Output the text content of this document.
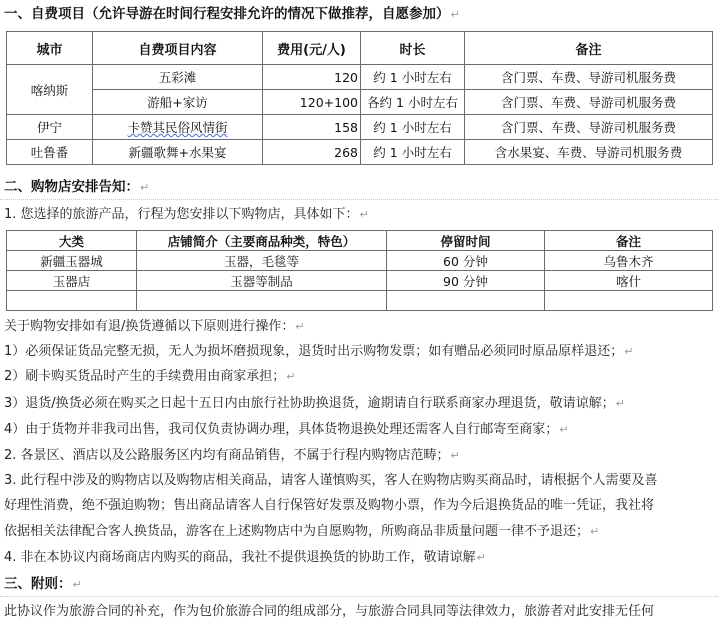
一、自费项目（允许导游在时间行程安排允许的情况下做推荐，自愿参加）↵
城市	自费项目内容	费用(元/人)	时长	备注
喀纳斯	五彩滩	120	约 1 小时左右	含门票、车费、导游司机服务费
	游船+家访	120+100	各约 1 小时左右	含门票、车费、导游司机服务费
伊宁	卡赞其民俗风情街	158	约 1 小时左右	含门票、车费、导游司机服务费
吐鲁番	新疆歌舞+水果宴	268	约 1 小时左右	含水果宴、车费、导游司机服务费
二、购物店安排告知：↵
1. 您选择的旅游产品，行程为您安排以下购物店，具体如下：↵
大类	店铺简介（主要商品种类，特色）	停留时间	备注
新疆玉器城	玉器，毛毯等	60 分钟	乌鲁木齐
玉器店	玉器等制品	90 分钟	喀什

关于购物安排如有退/换货遵循以下原则进行操作：↵
1）必须保证货品完整无损，无人为损坏磨损现象，退货时出示购物发票；如有赠品必须同时原品原样退还；↵
2）刷卡购买货品时产生的手续费用由商家承担；↵
3）退货/换货必须在购买之日起十五日内由旅行社协助换退货，逾期请自行联系商家办理退货，敬请谅解；↵
4）由于货物并非我司出售，我司仅负责协调办理，具体货物退换处理还需客人自行邮寄至商家；↵
2. 各景区、酒店以及公路服务区内均有商品销售，不属于行程内购物店范畴；↵
3. 此行程中涉及的购物店以及购物店相关商品，请客人谨慎购买，客人在购物店购买商品时，请根据个人需要及喜
好理性消费，绝不强迫购物；售出商品请客人自行保管好发票及购物小票，作为今后退换货品的唯一凭证，我社将
依据相关法律配合客人换货品，游客在上述购物店中为自愿购物，所购商品非质量问题一律不予退还；↵
4. 非在本协议内商场商店内购买的商品，我社不提供退换货的协助工作，敬请谅解↵
三、附则：↵
此协议作为旅游合同的补充，作为包价旅游合同的组成部分，与旅游合同具同等法律效力，旅游者对此安排无任何
